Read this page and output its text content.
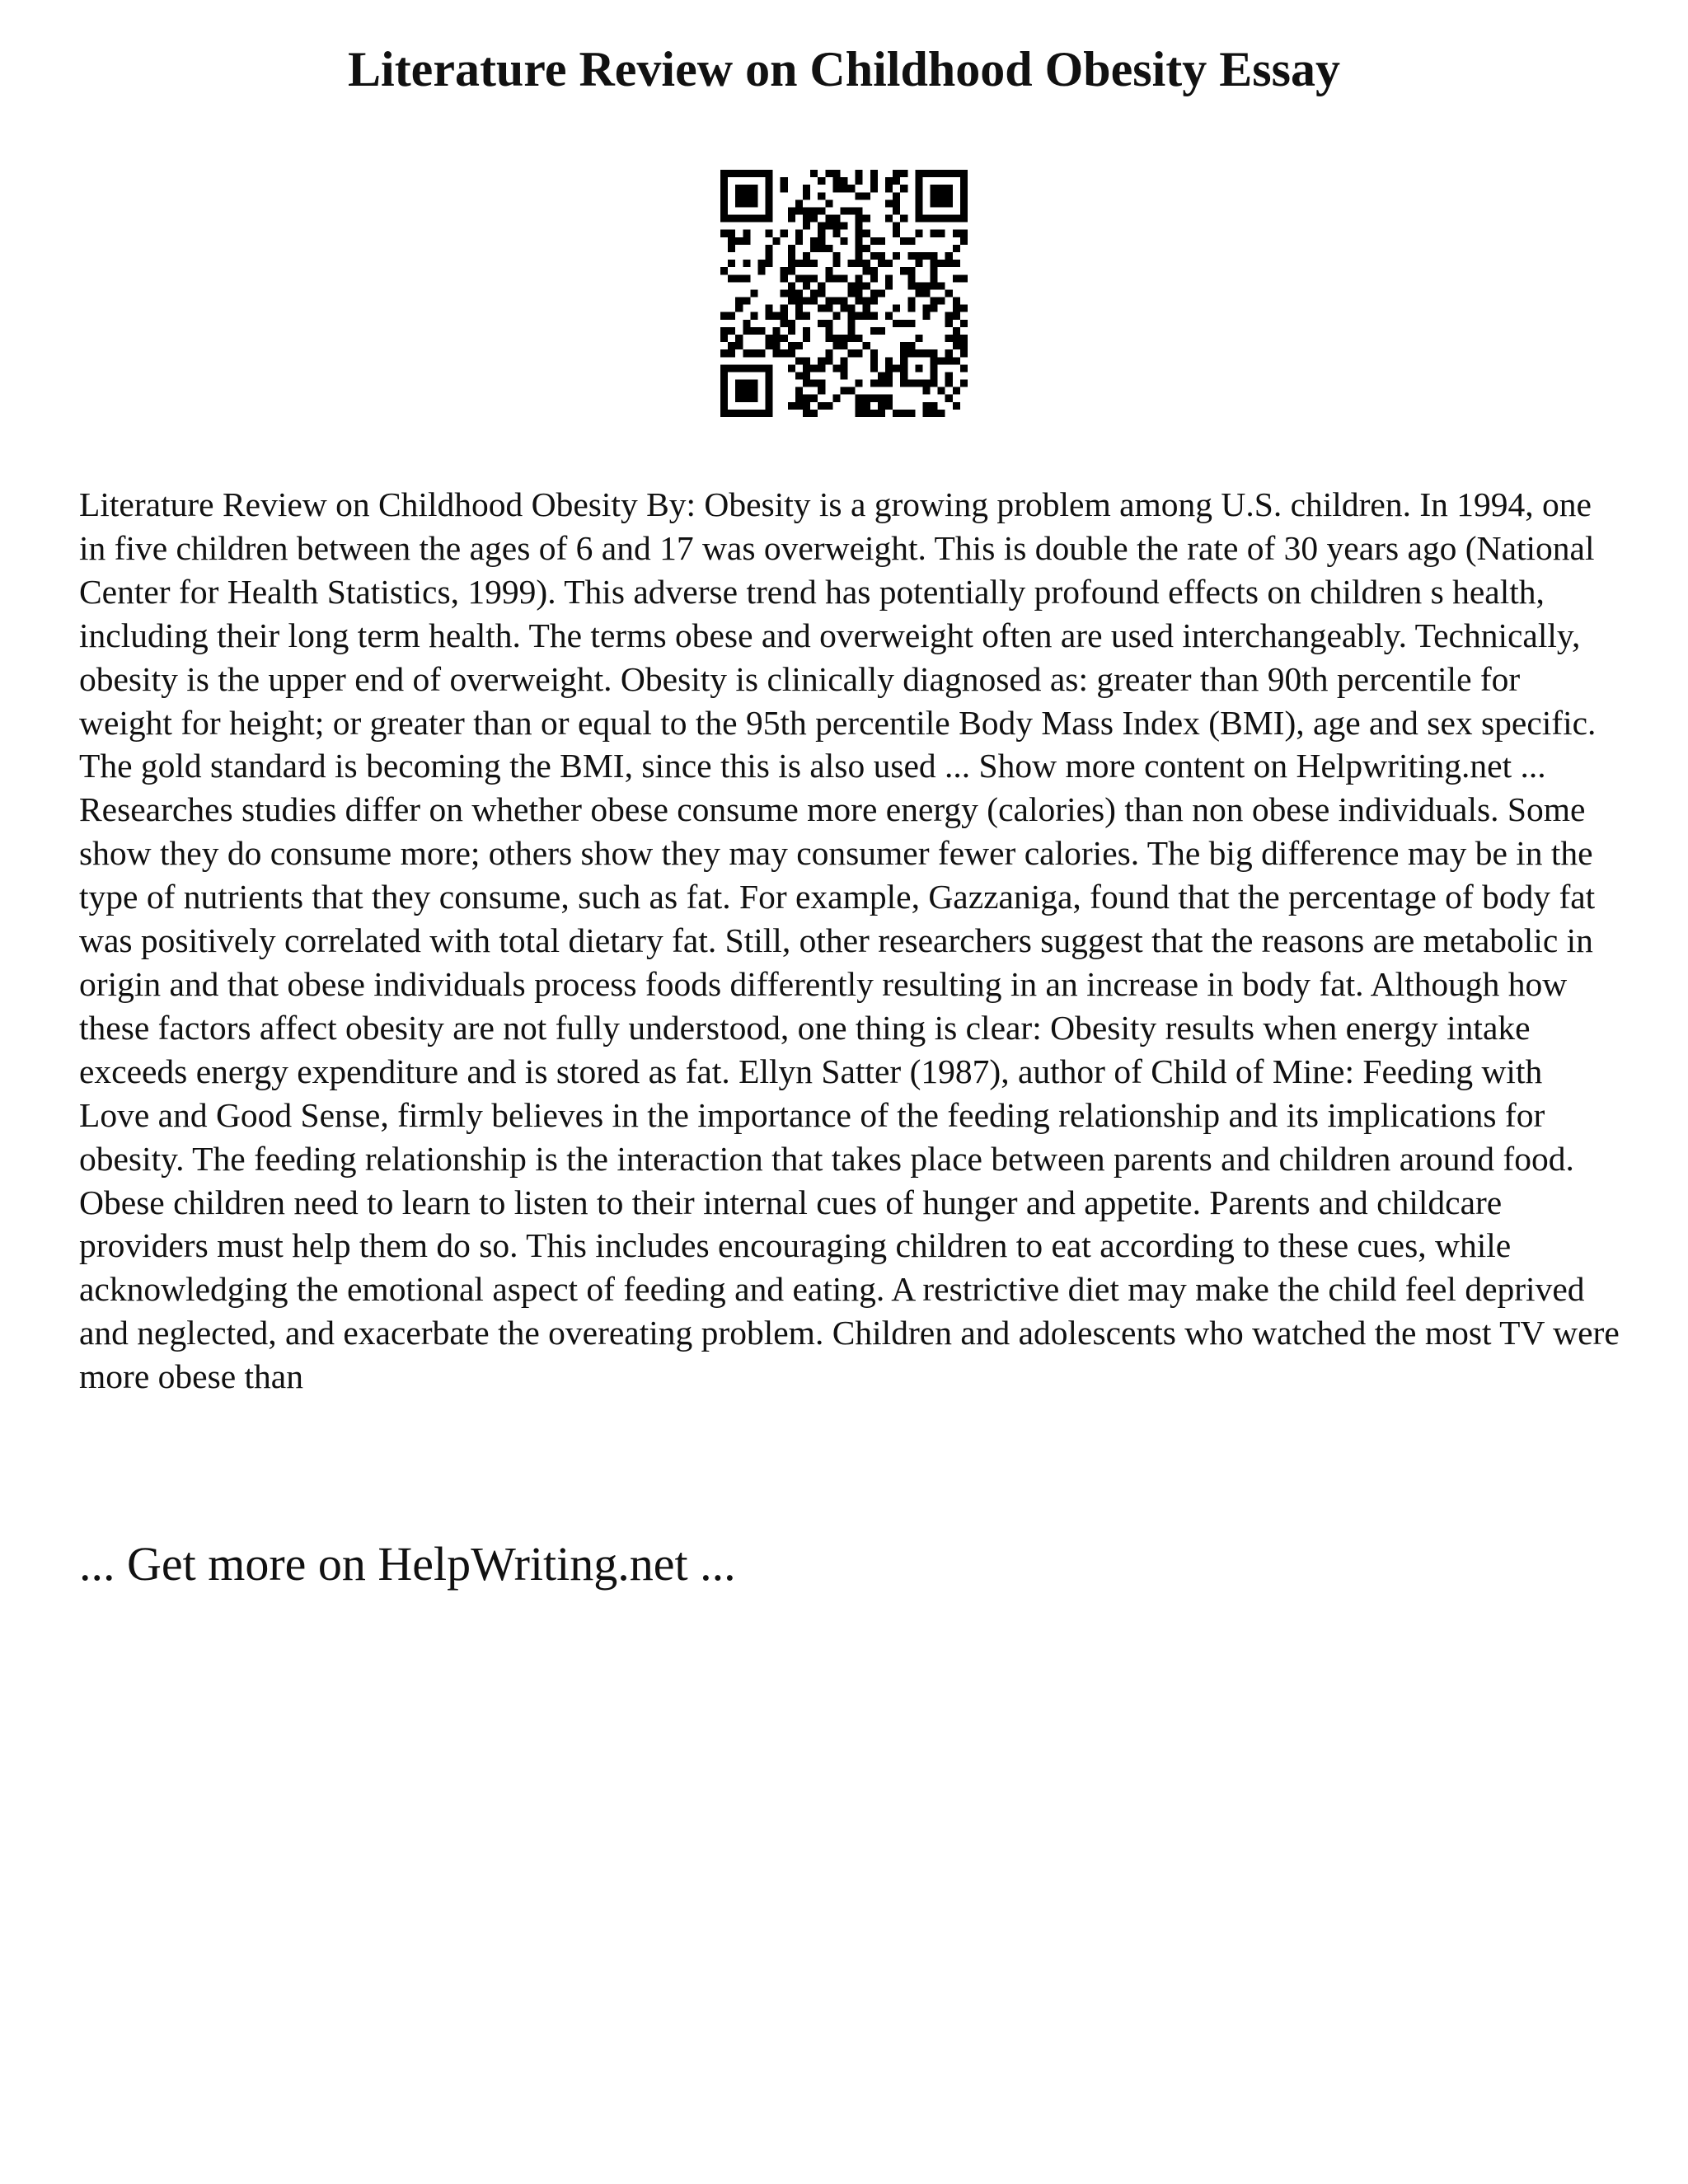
Literature Review on Childhood Obesity Essay

Literature Review on Childhood Obesity By: Obesity is a growing problem among U.S. children. In 1994, one in five children between the ages of 6 and 17 was overweight. This is double the rate of 30 years ago (National Center for Health Statistics, 1999). This adverse trend has potentially profound effects on children s health, including their long term health. The terms obese and overweight often are used interchangeably. Technically, obesity is the upper end of overweight. Obesity is clinically diagnosed as: greater than 90th percentile for weight for height; or greater than or equal to the 95th percentile Body Mass Index (BMI), age and sex specific. The gold standard is becoming the BMI, since this is also used ... Show more content on Helpwriting.net ...

Researches studies differ on whether obese consume more energy (calories) than non obese individuals. Some show they do consume more; others show they may consumer fewer calories. The big difference may be in the type of nutrients that they consume, such as fat. For example, Gazzaniga, found that the percentage of body fat was positively correlated with total dietary fat. Still, other researchers suggest that the reasons are metabolic in origin and that obese individuals process foods differently resulting in an increase in body fat. Although how these factors affect obesity are not fully understood, one thing is clear: Obesity results when energy intake exceeds energy expenditure and is stored as fat. Ellyn Satter (1987), author of Child of Mine: Feeding with Love and Good Sense, firmly believes in the importance of the feeding relationship and its implications for obesity. The feeding relationship is the interaction that takes place between parents and children around food. Obese children need to learn to listen to their internal cues of hunger and appetite. Parents and childcare providers must help them do so. This includes encouraging children to eat according to these cues, while acknowledging the emotional aspect of feeding and eating. A restrictive diet may make the child feel deprived and neglected, and exacerbate the overeating problem. Children and adolescents who watched the most TV were more obese than

... Get more on HelpWriting.net ...
